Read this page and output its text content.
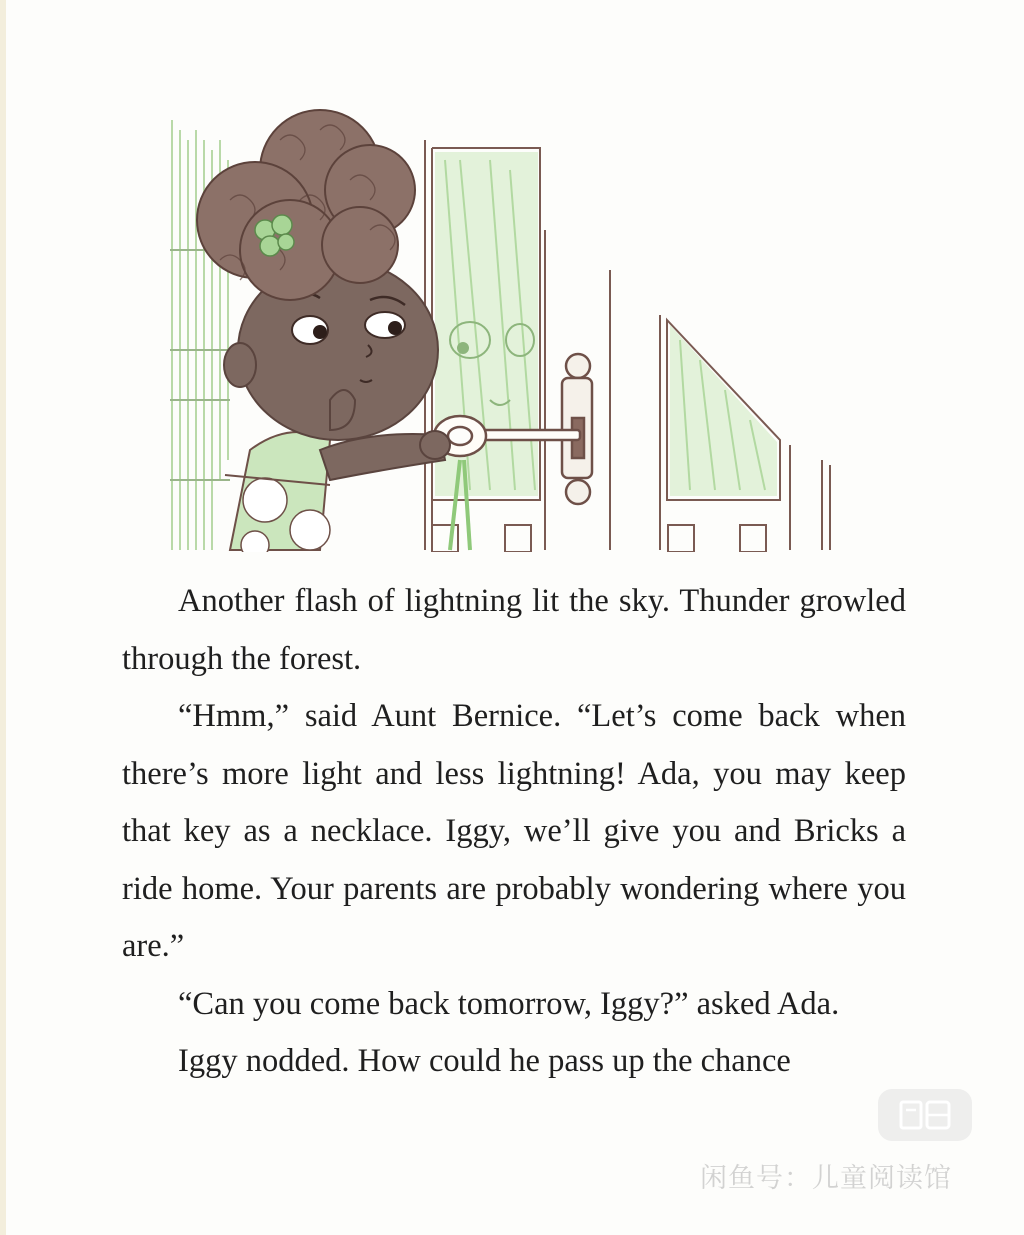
Another flash of lightning lit the sky. Thunder growled through the forest.

“Hmm,” said Aunt Bernice. “Let’s come back when there’s more light and less lightning! Ada, you may keep that key as a necklace. Iggy, we’ll give you and Bricks a ride home. Your parents are probably wondering where you are.”

“Can you come back tomorrow, Iggy?” asked Ada.

Iggy nodded. How could he pass up the chance

闲鱼号：儿童阅读馆
